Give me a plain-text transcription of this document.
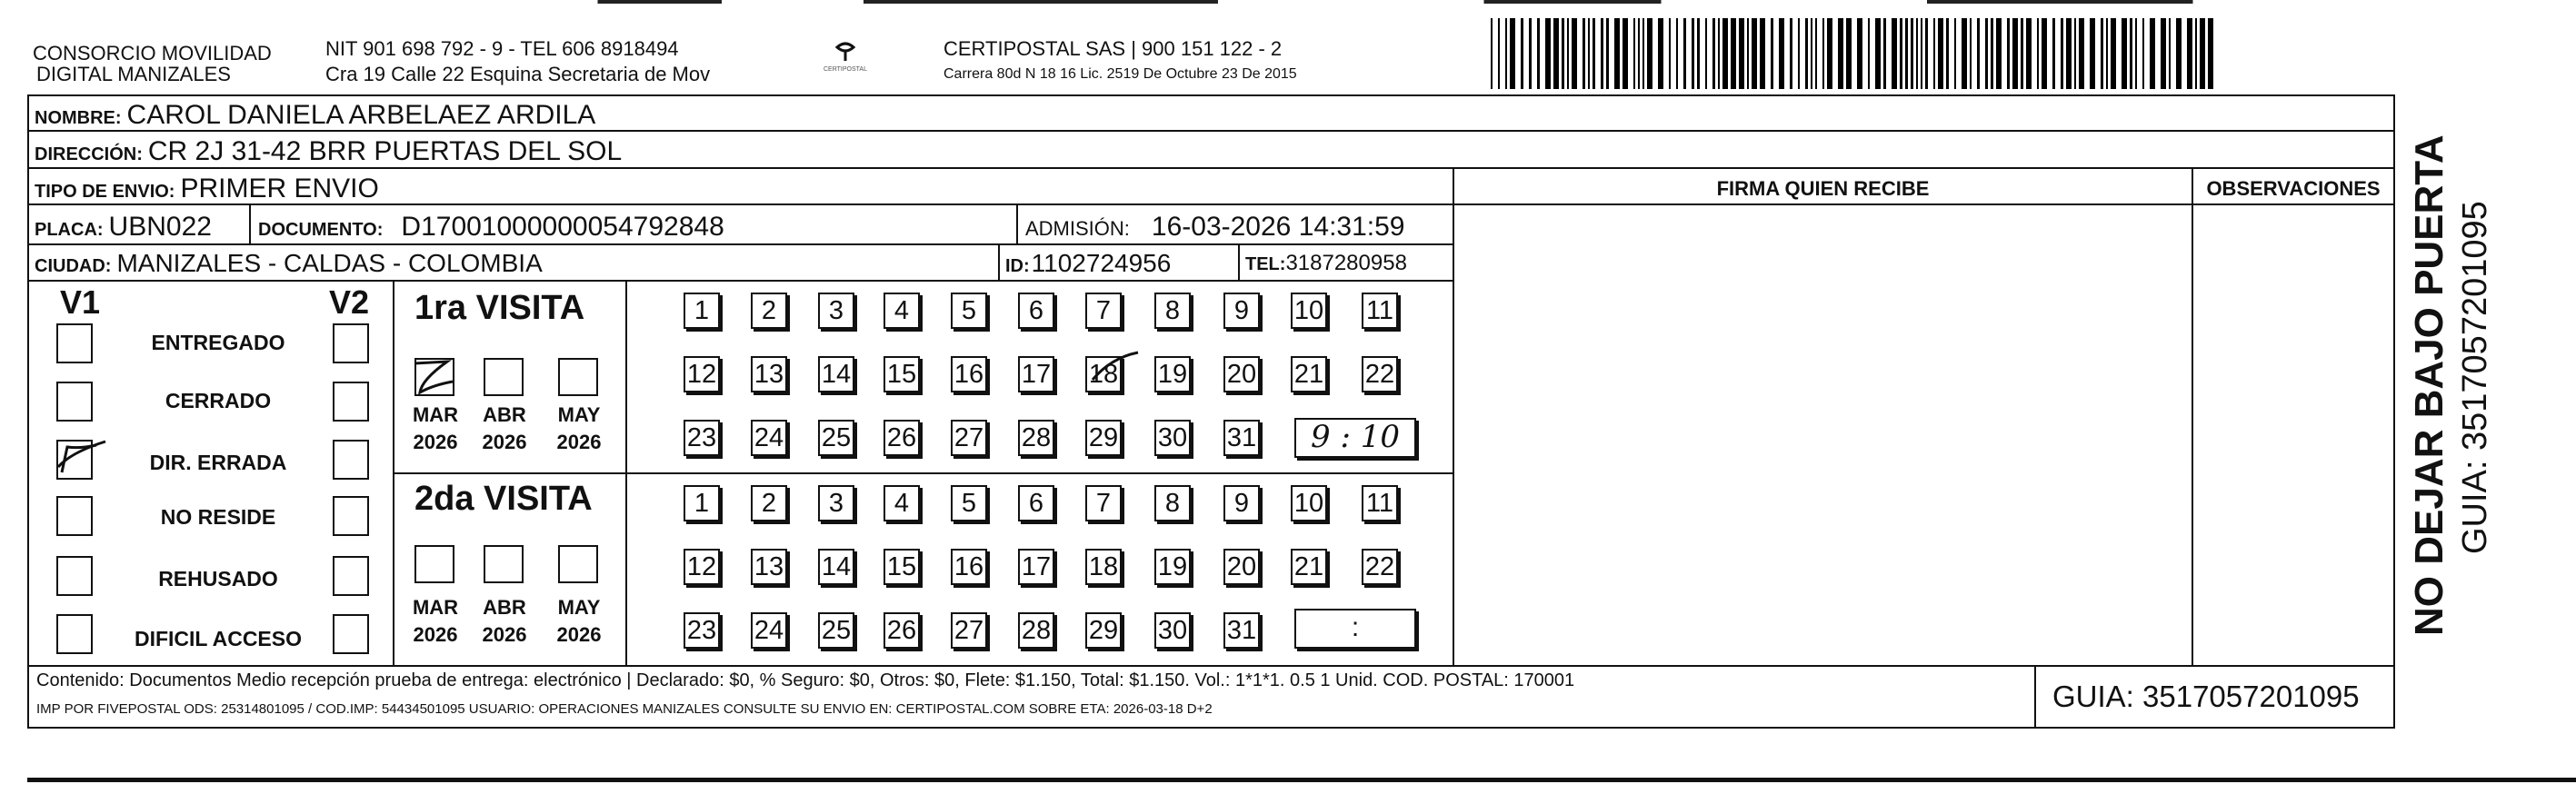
CONSORCIO MOVILIDAD
DIGITAL MANIZALES
NIT 901 698 792 - 9 - TEL 606 8918494
Cra 19 Calle 22 Esquina Secretaria de Mov	CERTIPOSTAL
CERTIPOSTAL SAS | 900 151 122 - 2
Carrera 80d N 18 16 Lic. 2519 De Octubre 23 De 2015
NOMBRE: CAROL DANIELA ARBELAEZ ARDILA
DIRECCIÓN: CR 2J 31-42 BRR PUERTAS DEL SOL
FIRMA QUIEN RECIBE	OBSERVACIONES
TIPO DE ENVIO: PRIMER ENVIO
PLACA: UBN022	DOCUMENTO: D17001000000054792848	ADMISIÓN: 16-03-2026 14:31:59
CIUDAD: MANIZALES - CALDAS - COLOMBIA	ID: 1102724956	TEL: 3187280958
V1	V2
ENTREGADO
CERRADO
DIR. ERRADA
NO RESIDE
REHUSADO
DIFICIL ACCESO
1ra VISITA
MAR	ABR	MAY
2026	2026	2026
2da VISITA
MAR	ABR	MAY
2026	2026	2026
1 2 3 4 5 6 7 8 9 10 11
12 13 14 15 16 17 18 19 20 21 22
23 24 25 26 27 28 29 30 31
1 2 3 4 5 6 7 8 9 10 11
12 13 14 15 16 17 18 19 20 21 22
23 24 25 26 27 28 29 30 31
9 : 10
:
Contenido: Documentos Medio recepción prueba de entrega: electrónico | Declarado: $0, % Seguro: $0, Otros: $0, Flete: $1.150, Total: $1.150. Vol.: 1*1*1. 0.5 1 Unid. COD. POSTAL: 170001
IMP POR FIVEPOSTAL ODS: 25314801095 / COD.IMP: 54434501095 USUARIO: OPERACIONES MANIZALES CONSULTE SU ENVIO EN: CERTIPOSTAL.COM SOBRE ETA: 2026-03-18 D+2	GUIA: 3517057201095
NO DEJAR BAJO PUERTA GUIA: 3517057201095
